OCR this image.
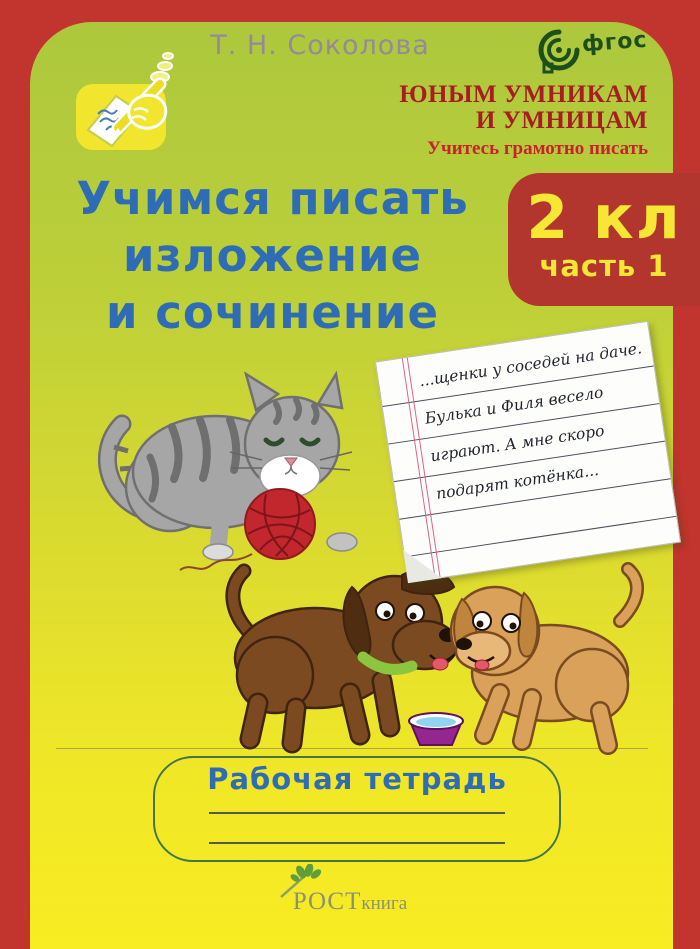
Т. Н. Соколова	фгос
ЮНЫМ УМНИКАМ
И УМНИЦАМ
Учитесь грамотно писать
Учимся писать
изложение
и сочинение
2 кл
часть 1
...щенки у соседей на даче.
Булька и Филя весело
играют. А мне скоро
подарят котёнка...
Рабочая тетрадь
РОСТкнига
